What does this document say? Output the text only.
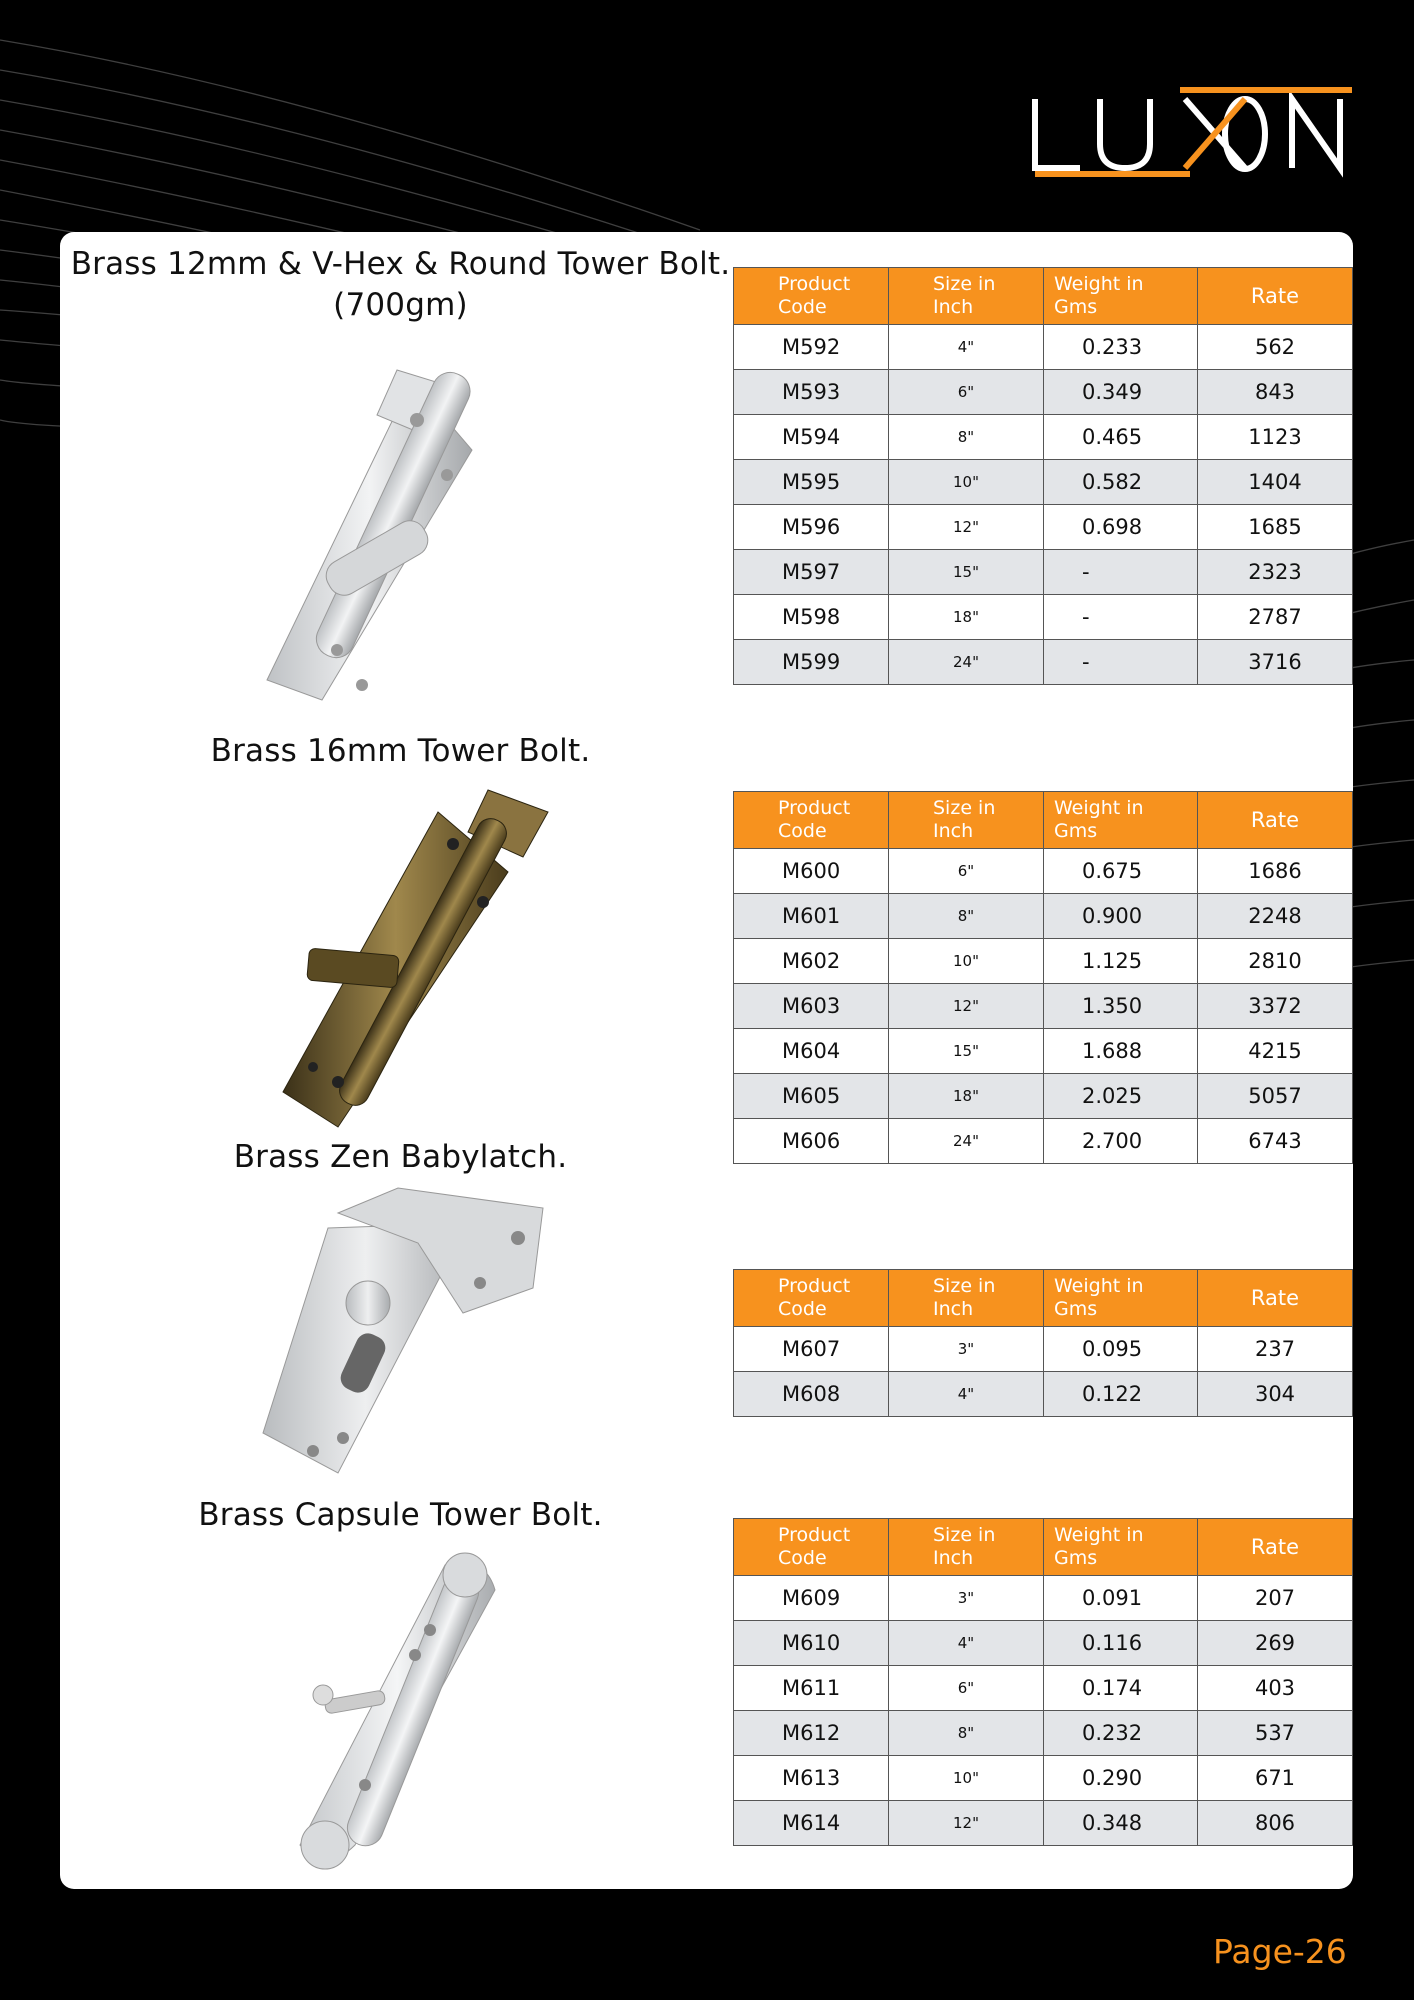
Brass 12mm & V-Hex & Round Tower Bolt.
(700gm)
Product Code	Size in Inch	Weight in Gms	Rate
M592	4"	0.233	562
M593	6"	0.349	843
M594	8"	0.465	1123
M595	10"	0.582	1404
M596	12"	0.698	1685
M597	15"	-	2323
M598	18"	-	2787
M599	24"	-	3716
Brass 16mm Tower Bolt.
Product Code	Size in Inch	Weight in Gms	Rate
M600	6"	0.675	1686
M601	8"	0.900	2248
M602	10"	1.125	2810
M603	12"	1.350	3372
M604	15"	1.688	4215
M605	18"	2.025	5057
M606	24"	2.700	6743
Brass Zen Babylatch.
Product Code	Size in Inch	Weight in Gms	Rate
M607	3"	0.095	237
M608	4"	0.122	304
Brass Capsule Tower Bolt.
Product Code	Size in Inch	Weight in Gms	Rate
M609	3"	0.091	207
M610	4"	0.116	269
M611	6"	0.174	403
M612	8"	0.232	537
M613	10"	0.290	671
M614	12"	0.348	806
Page-26
